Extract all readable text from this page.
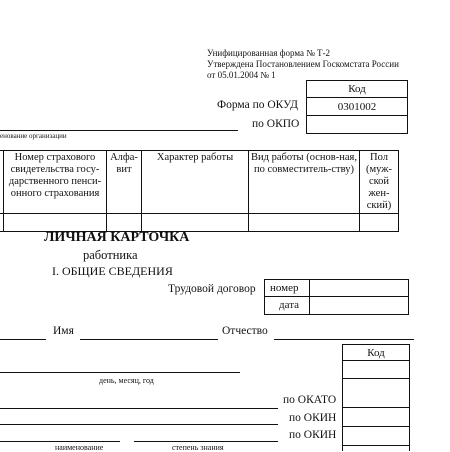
Унифицированная форма № Т-2
Утверждена Постановлением Госкомстата России
от 05.01.2004 № 1
Код
0301002
Форма по ОКУД
по ОКПО
енование организации
	Номер страхового свидетельства госу-дарственного пенси-онного страхования	Алфа-вит	Характер работы	Вид работы (основ-ная, по совместитель-ству)	Пол (муж-ской жен-ский)

ЛИЧНАЯ КАРТОЧКА
работника
I. ОБЩИЕ СВЕДЕНИЯ
Трудовой договор	номер
дата
Имя	Отчество
Код
день, месяц, год
по ОКАТО
по ОКИН
по ОКИН
наименование	степень знания
